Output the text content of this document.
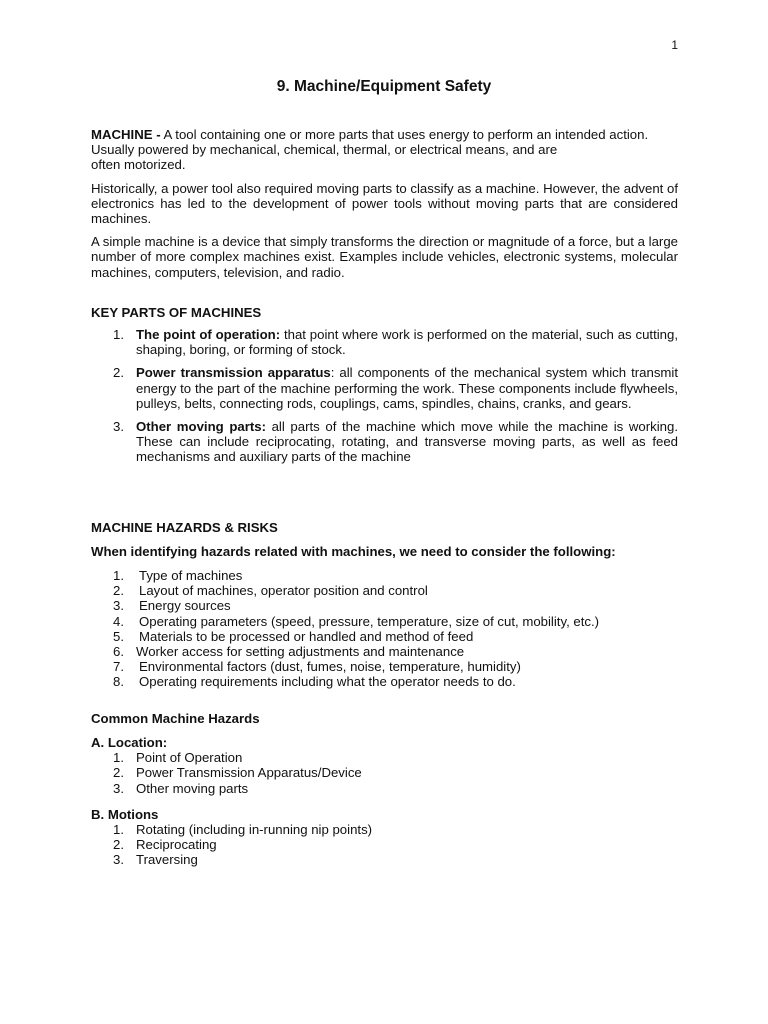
1
9. Machine/Equipment Safety

MACHINE - A tool containing one or more parts that uses energy to perform an intended action.
Usually powered by mechanical, chemical, thermal, or electrical means, and are
often motorized.

Historically, a power tool also required moving parts to classify as a machine. However, the advent of electronics has led to the development of power tools without moving parts that are considered machines.

A simple machine is a device that simply transforms the direction or magnitude of a force, but a large number of more complex machines exist. Examples include vehicles, electronic systems, molecular machines, computers, television, and radio.

KEY PARTS OF MACHINES

1. The point of operation: that point where work is performed on the material, such as cutting, shaping, boring, or forming of stock.
2. Power transmission apparatus: all components of the mechanical system which transmit energy to the part of the machine performing the work. These components include flywheels, pulleys, belts, connecting rods, couplings, cams, spindles, chains, cranks, and gears.
3. Other moving parts: all parts of the machine which move while the machine is working. These can include reciprocating, rotating, and transverse moving parts, as well as feed mechanisms and auxiliary parts of the machine

MACHINE HAZARDS & RISKS

When identifying hazards related with machines, we need to consider the following:

1. Type of machines
2. Layout of machines, operator position and control
3. Energy sources
4. Operating parameters (speed, pressure, temperature, size of cut, mobility, etc.)
5. Materials to be processed or handled and method of feed
6. Worker access for setting adjustments and maintenance
7. Environmental factors (dust, fumes, noise, temperature, humidity)
8. Operating requirements including what the operator needs to do.

Common Machine Hazards

A. Location:

1. Point of Operation
2. Power Transmission Apparatus/Device
3. Other moving parts

B. Motions

1. Rotating (including in-running nip points)
2. Reciprocating
3. Traversing
